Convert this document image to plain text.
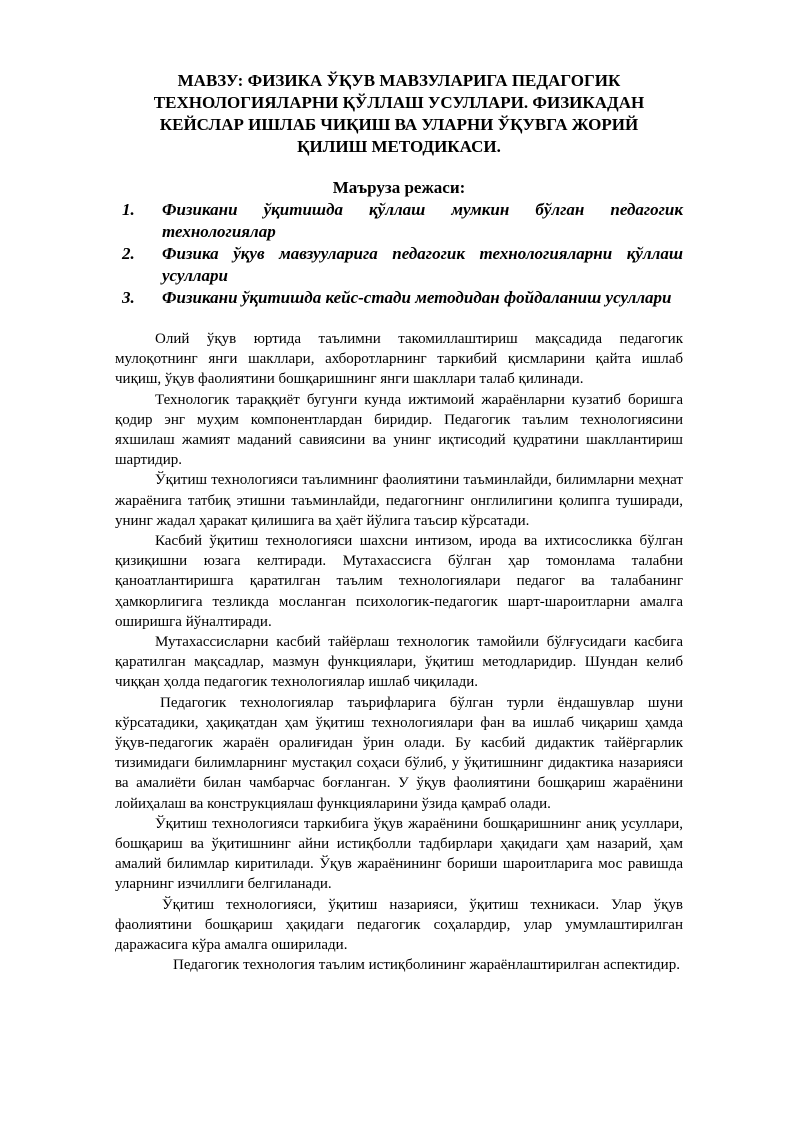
МАВЗУ: ФИЗИКА ЎҚУВ МАВЗУЛАРИГА ПЕДАГОГИК ТЕХНОЛОГИЯЛАРНИ ҚЎЛЛАШ УСУЛЛАРИ. ФИЗИКАДАН КЕЙСЛАР ИШЛАБ ЧИҚИШ ВА УЛАРНИ ЎҚУВГА ЖОРИЙ ҚИЛИШ МЕТОДИКАСИ.
Маъруза режаси:
1.	Физикани ўқитишда қўллаш мумкин бўлган педагогик технологиялар
2.	Физика ўқув мавзууларига педагогик технологияларни қўллаш усуллари
3.	Физикани ўқитишда кейс-стади методидан фойдаланиш усуллари

Олий ўқув юртида таълимни такомиллаштириш мақсадида педагогик мулоқотнинг янги шакллари, ахборотларнинг таркибий қисмларини қайта ишлаб чиқиш, ўқув фаолиятини бошқаришнинг янги шакллари талаб қилинади.

Технологик тараққиёт бугунги кунда ижтимоий жараёнларни кузатиб боришга қодир энг муҳим компонентлардан биридир. Педагогик таълим технологиясини яхшилаш жамият маданий савиясини ва унинг иқтисодий қудратини шакллантириш шартидир.

Ўқитиш технологияси таълимнинг фаолиятини таъминлайди, билимларни меҳнат жараёнига татбиқ этишни таъминлайди, педагогнинг онглилигини қолипга туширади, унинг жадал ҳаракат қилишига ва ҳаёт йўлига таъсир кўрсатади.

Касбий ўқитиш технологияси шахсни интизом, ирода ва ихтисосликка бўлган қизиқишни юзага келтиради. Мутахассисга бўлган ҳар томонлама талабни қаноатлантиришга қаратилган таълим технологиялари педагог ва талабанинг ҳамкорлигига тезликда мосланган психологик-педагогик шарт-шароитларни амалга оширишга йўналтиради.

Мутахассисларни касбий тайёрлаш технологик тамойили бўлғусидаги касбига қаратилган мақсадлар, мазмун функциялари, ўқитиш методларидир. Шундан келиб чиққан ҳолда педагогик технологиялар ишлаб чиқилади.

Педагогик технологиялар таърифларига бўлган турли ёндашувлар шуни кўрсатадики, ҳақиқатдан ҳам ўқитиш технологиялари фан ва ишлаб чиқариш ҳамда ўқув-педагогик жараён оралиғидан ўрин олади. Бу касбий дидактик тайёргарлик тизимидаги билимларнинг мустақил соҳаси бўлиб, у ўқитишнинг дидактика назарияси ва амалиёти билан чамбарчас боғланган. У ўқув фаолиятини бошқариш жараёнини лойиҳалаш ва конструкциялаш функцияларини ўзида қамраб олади.

Ўқитиш технологияси таркибига ўқув жараёнини бошқаришнинг аниқ усуллари, бошқариш ва ўқитишнинг айни истиқболли тадбирлари ҳақидаги ҳам назарий, ҳам амалий билимлар киритилади. Ўқув жараёнининг бориши шароитларига мос равишда уларнинг изчиллиги белгиланади.

Ўқитиш технологияси, ўқитиш назарияси, ўқитиш техникаси. Улар ўқув фаолиятини бошқариш ҳақидаги педагогик соҳалардир, улар умумлаштирилган даражасига кўра амалга оширилади.

Педагогик технология таълим истиқболининг жараёнлаштирилган аспектидир.
